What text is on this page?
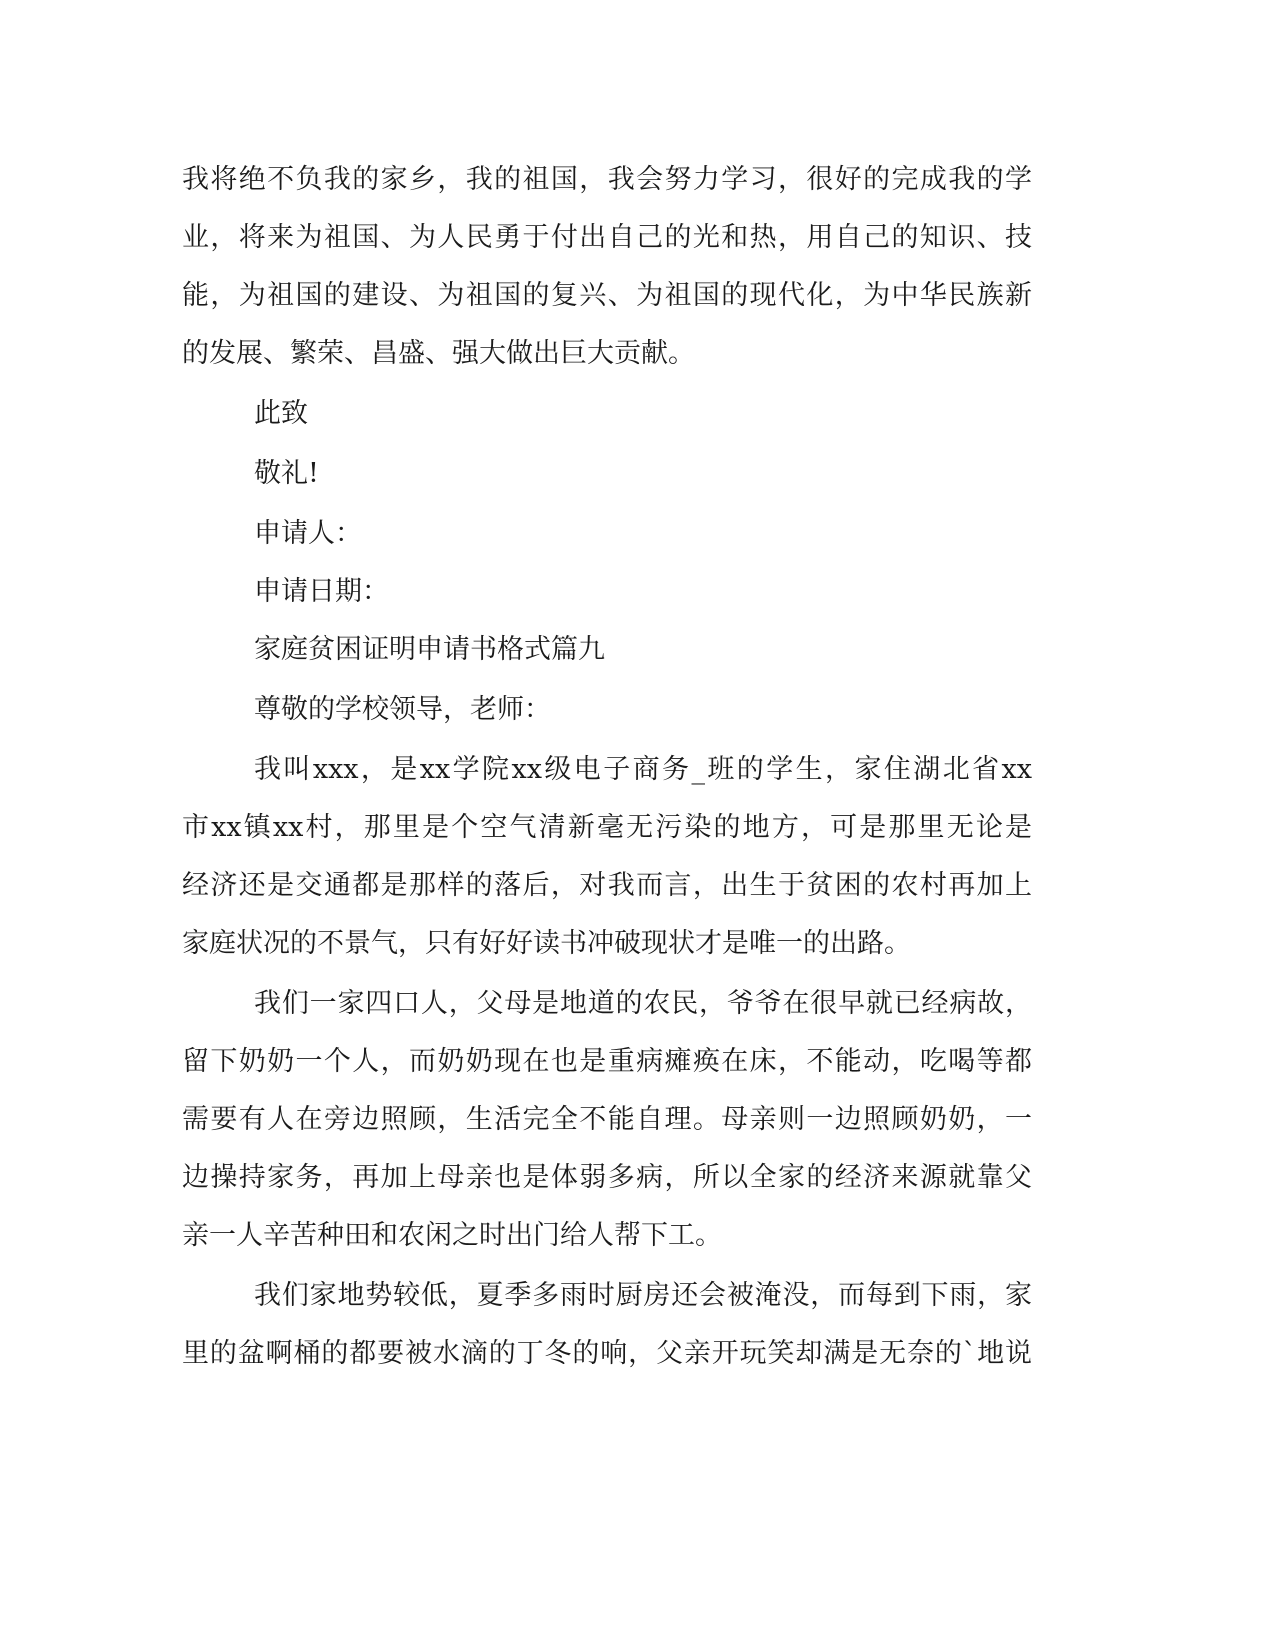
我将绝不负我的家乡，我的祖国，我会努力学习，很好的完成我的学
业，将来为祖国、为人民勇于付出自己的光和热，用自己的知识、技
能，为祖国的建设、为祖国的复兴、为祖国的现代化，为中华民族新
的发展、繁荣、昌盛、强大做出巨大贡献。
此致
敬礼!
申请人：
申请日期：
家庭贫困证明申请书格式篇九
尊敬的学校领导，老师：
我叫xxx，是xx学院xx级电子商务_班的学生，家住湖北省xx
市xx镇xx村，那里是个空气清新毫无污染的地方，可是那里无论是
经济还是交通都是那样的落后，对我而言，出生于贫困的农村再加上
家庭状况的不景气，只有好好读书冲破现状才是唯一的出路。
我们一家四口人，父母是地道的农民，爷爷在很早就已经病故，
留下奶奶一个人，而奶奶现在也是重病瘫痪在床，不能动，吃喝等都
需要有人在旁边照顾，生活完全不能自理。母亲则一边照顾奶奶，一
边操持家务，再加上母亲也是体弱多病，所以全家的经济来源就靠父
亲一人辛苦种田和农闲之时出门给人帮下工。
我们家地势较低，夏季多雨时厨房还会被淹没，而每到下雨，家
里的盆啊桶的都要被水滴的丁冬的响，父亲开玩笑却满是无奈的`地说
